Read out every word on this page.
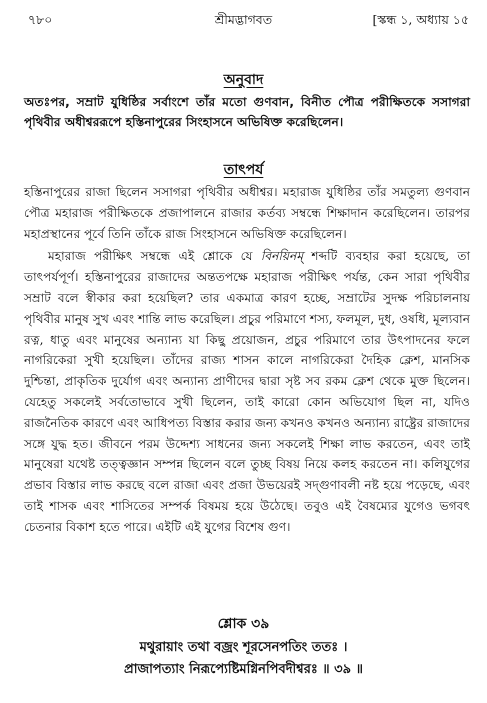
৭৮০	শ্রীমদ্ভাগবত	[স্কন্ধ ১, অধ্যায় ১৫
অনুবাদ
অতঃপর, সম্রাট যুধিষ্ঠির সর্বাংশে তাঁর মতো গুণবান, বিনীত পৌত্র পরীক্ষিতকে সসাগরা পৃথিবীর অধীশ্বররূপে হস্তিনাপুরের সিংহাসনে অভিষিক্ত করেছিলেন।
তাৎপর্য

হস্তিনাপুরের রাজা ছিলেন সসাগরা পৃথিবীর অধীশ্বর। মহারাজ যুধিষ্ঠির তাঁর সমতুল্য গুণবান পৌত্র মহারাজ পরীক্ষিতকে প্রজাপালনে রাজার কর্তব্য সম্বন্ধে শিক্ষাদান করেছিলেন। তারপর মহাপ্রস্থানের পূর্বে তিনি তাঁকে রাজ সিংহাসনে অভিষিক্ত করেছিলেন।

মহারাজ পরীক্ষিৎ সম্বন্ধে এই শ্লোকে যে বিনয়িনম্ শব্দটি ব্যবহার করা হয়েছে, তা তাৎপর্যপূর্ণ। হস্তিনাপুরের রাজাদের অন্ততপক্ষে মহারাজ পরীক্ষিৎ পর্যন্ত, কেন সারা পৃথিবীর সম্রাট বলে স্বীকার করা হয়েছিল? তার একমাত্র কারণ হচ্ছে, সম্রাটের সুদক্ষ পরিচালনায় পৃথিবীর মানুষ সুখ এবং শান্তি লাভ করেছিল। প্রচুর পরিমাণে শস্য, ফলমূল, দুধ, ওষধি, মূল্যবান রত্ন, ধাতু এবং মানুষের অন্যান্য যা কিছু প্রয়োজন, প্রচুর পরিমাণে তার উৎপাদনের ফলে নাগরিকেরা সুখী হয়েছিল। তাঁদের রাজ্য শাসন কালে নাগরিকেরা দৈহিক ক্লেশ, মানসিক দুশ্চিন্তা, প্রাকৃতিক দুর্যোগ এবং অন্যান্য প্রাণীদের দ্বারা সৃষ্ট সব রকম ক্লেশ থেকে মুক্ত ছিলেন। যেহেতু সকলেই সর্বতোভাবে সুখী ছিলেন, তাই কারো কোন অভিযোগ ছিল না, যদিও রাজনৈতিক কারণে এবং আধিপত্য বিস্তার করার জন্য কখনও কখনও অন্যান্য রাষ্ট্রের রাজাদের সঙ্গে যুদ্ধ হত। জীবনে পরম উদ্দেশ্য সাধনের জন্য সকলেই শিক্ষা লাভ করতেন, এবং তাই মানুষেরা যথেষ্ট তত্ত্বজ্ঞান সম্পন্ন ছিলেন বলে তুচ্ছ বিষয় নিয়ে কলহ করতেন না। কলিযুগের প্রভাব বিস্তার লাভ করছে বলে রাজা এবং প্রজা উভয়েরই সদ্গুণাবলী নষ্ট হয়ে পড়েছে, এবং তাই শাসক এবং শাসিতের সম্পর্ক বিষময় হয়ে উঠেছে। তবুও এই বৈষম্যের যুগেও ভগবৎ চেতনার বিকাশ হতে পারে। এইটি এই যুগের বিশেষ গুণ।

শ্লোক ৩৯
মথুরায়াং তথা বজ্রং শূরসেনপতিং ততঃ ।
প্রাজাপত্যাং নিরূপ্যেষ্টিমগ্নিনপিবদীশ্বরঃ ॥ ৩৯ ॥
